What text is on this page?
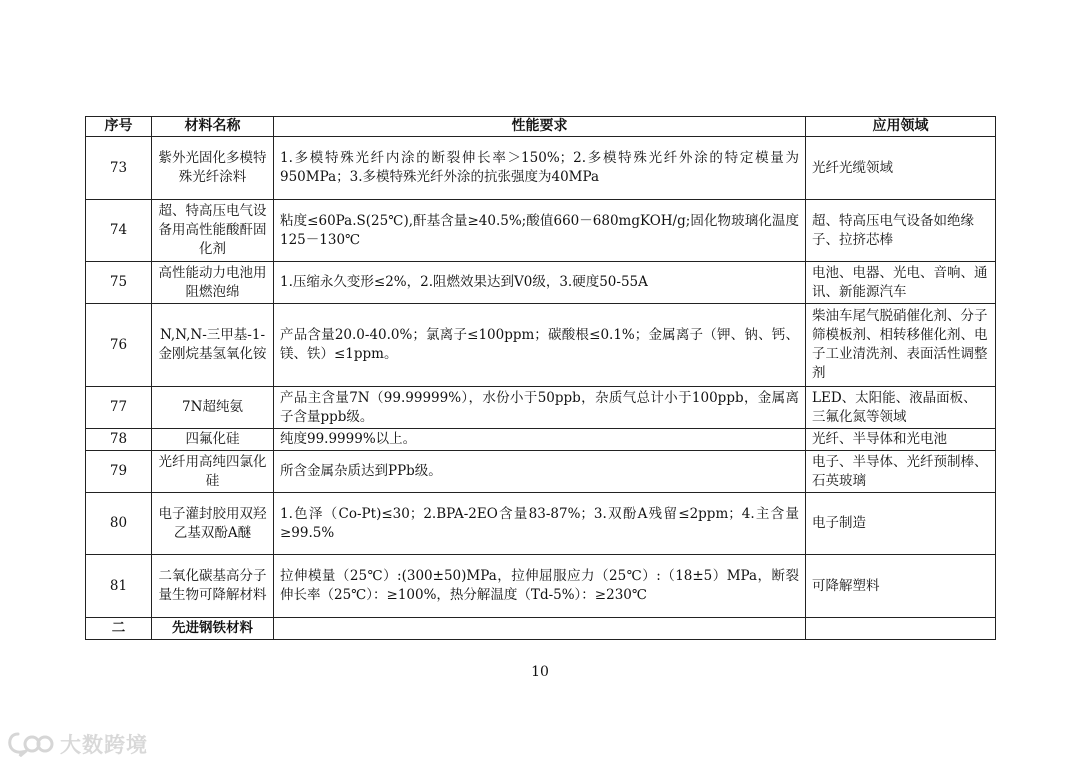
序号	材料名称	性能要求	应用领域
73	紫外光固化多模特殊光纤涂料	1.多模特殊光纤内涂的断裂伸长率＞150%；2.多模特殊光纤外涂的特定模量为950MPa；3.多模特殊光纤外涂的抗张强度为40MPa	光纤光缆领域
74	超、特高压电气设备用高性能酸酐固化剂	粘度≤60Pa.S(25℃),酐基含量≥40.5%;酸值660－680mgKOH/g;固化物玻璃化温度125－130℃	超、特高压电气设备如绝缘子、拉挤芯棒
75	高性能动力电池用阻燃泡绵	1.压缩永久变形≤2%，2.阻燃效果达到V0级，3.硬度50-55A	电池、电器、光电、音响、通讯、新能源汽车
76	N,N,N-三甲基-1-金刚烷基氢氧化铵	产品含量20.0-40.0%；氯离子≤100ppm；碳酸根≤0.1%；金属离子（钾、钠、钙、镁、铁）≤1ppm。	柴油车尾气脱硝催化剂、分子筛模板剂、相转移催化剂、电子工业清洗剂、表面活性调整剂
77	7N超纯氨	产品主含量7N（99.99999%），水份小于50ppb，杂质气总计小于100ppb，金属离子含量ppb级。	LED、太阳能、液晶面板、三氟化氮等领域
78	四氟化硅	纯度99.9999%以上。	光纤、半导体和光电池
79	光纤用高纯四氯化硅	所含金属杂质达到PPb级。	电子、半导体、光纤预制棒、石英玻璃
80	电子灌封胶用双羟乙基双酚A醚	1.色泽（Co-Pt)≤30；2.BPA-2EO含量83-87%；3.双酚A残留≤2ppm；4.主含量≥99.5%	电子制造
81	二氧化碳基高分子量生物可降解材料	拉伸模量（25℃）:(300±50)MPa，拉伸屈服应力（25℃）:（18±5）MPa，断裂伸长率（25℃）：≥100%，热分解温度（Td-5%）：≥230℃	可降解塑料
二	先进钢铁材料		
10
大数跨境
